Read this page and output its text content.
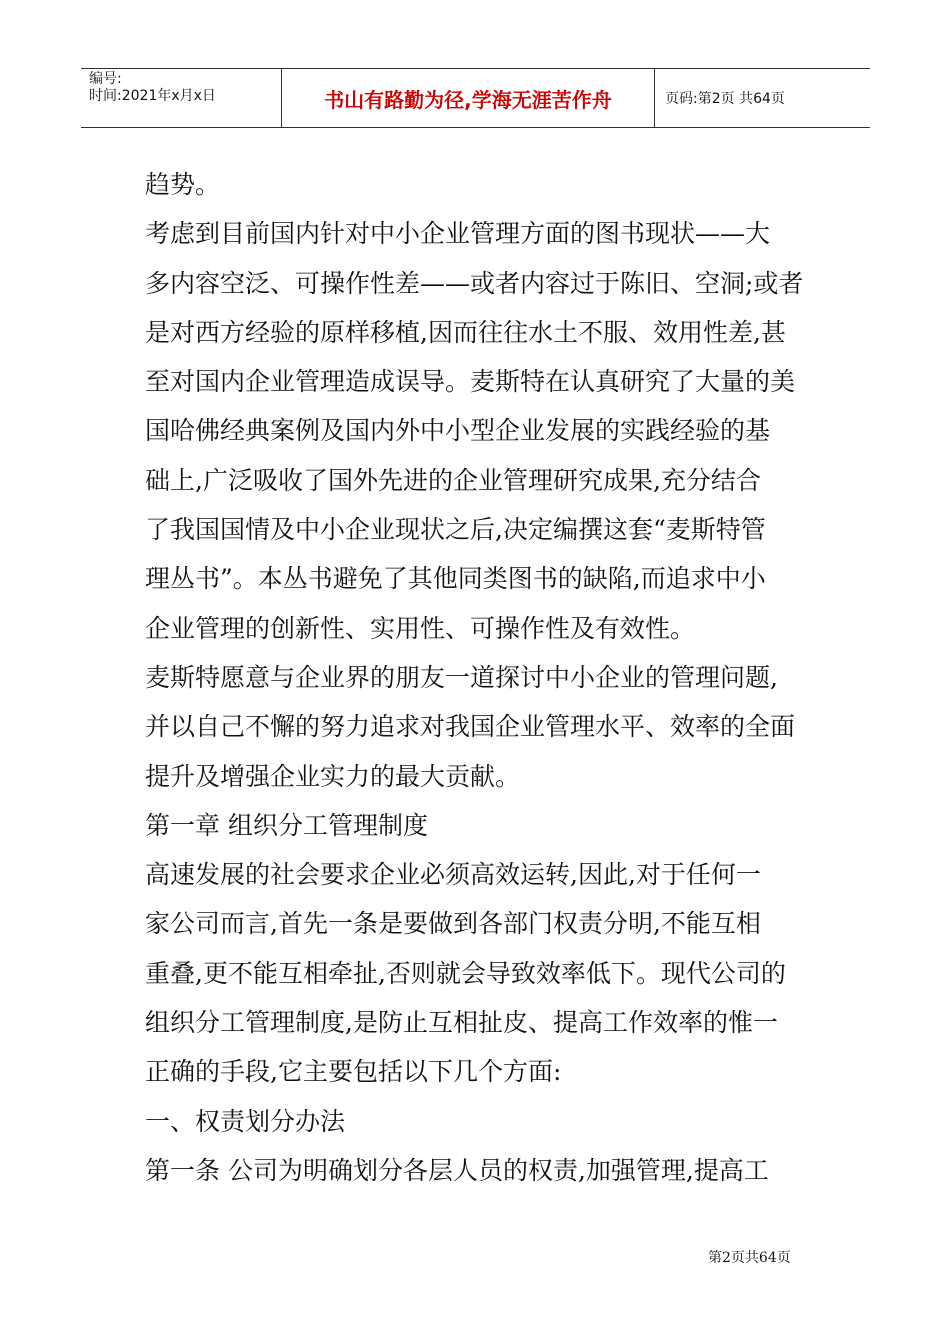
编号:
时间:2021年x月x日	书山有路勤为径,学海无涯苦作舟	页码:第2页 共64页
趋势。
考虑到目前国内针对中小企业管理方面的图书现状——大
多内容空泛、可操作性差——或者内容过于陈旧、空洞;或者
是对西方经验的原样移植,因而往往水土不服、效用性差,甚
至对国内企业管理造成误导。麦斯特在认真研究了大量的美
国哈佛经典案例及国内外中小型企业发展的实践经验的基
础上,广泛吸收了国外先进的企业管理研究成果,充分结合
了我国国情及中小企业现状之后,决定编撰这套“麦斯特管
理丛书”。本丛书避免了其他同类图书的缺陷,而追求中小
企业管理的创新性、实用性、可操作性及有效性。
麦斯特愿意与企业界的朋友一道探讨中小企业的管理问题,
并以自己不懈的努力追求对我国企业管理水平、效率的全面
提升及增强企业实力的最大贡献。
第一章 组织分工管理制度
高速发展的社会要求企业必须高效运转,因此,对于任何一
家公司而言,首先一条是要做到各部门权责分明,不能互相
重叠,更不能互相牵扯,否则就会导致效率低下。现代公司的
组织分工管理制度,是防止互相扯皮、提高工作效率的惟一
正确的手段,它主要包括以下几个方面:
一、权责划分办法
第一条 公司为明确划分各层人员的权责,加强管理,提高工
第2页共64页
